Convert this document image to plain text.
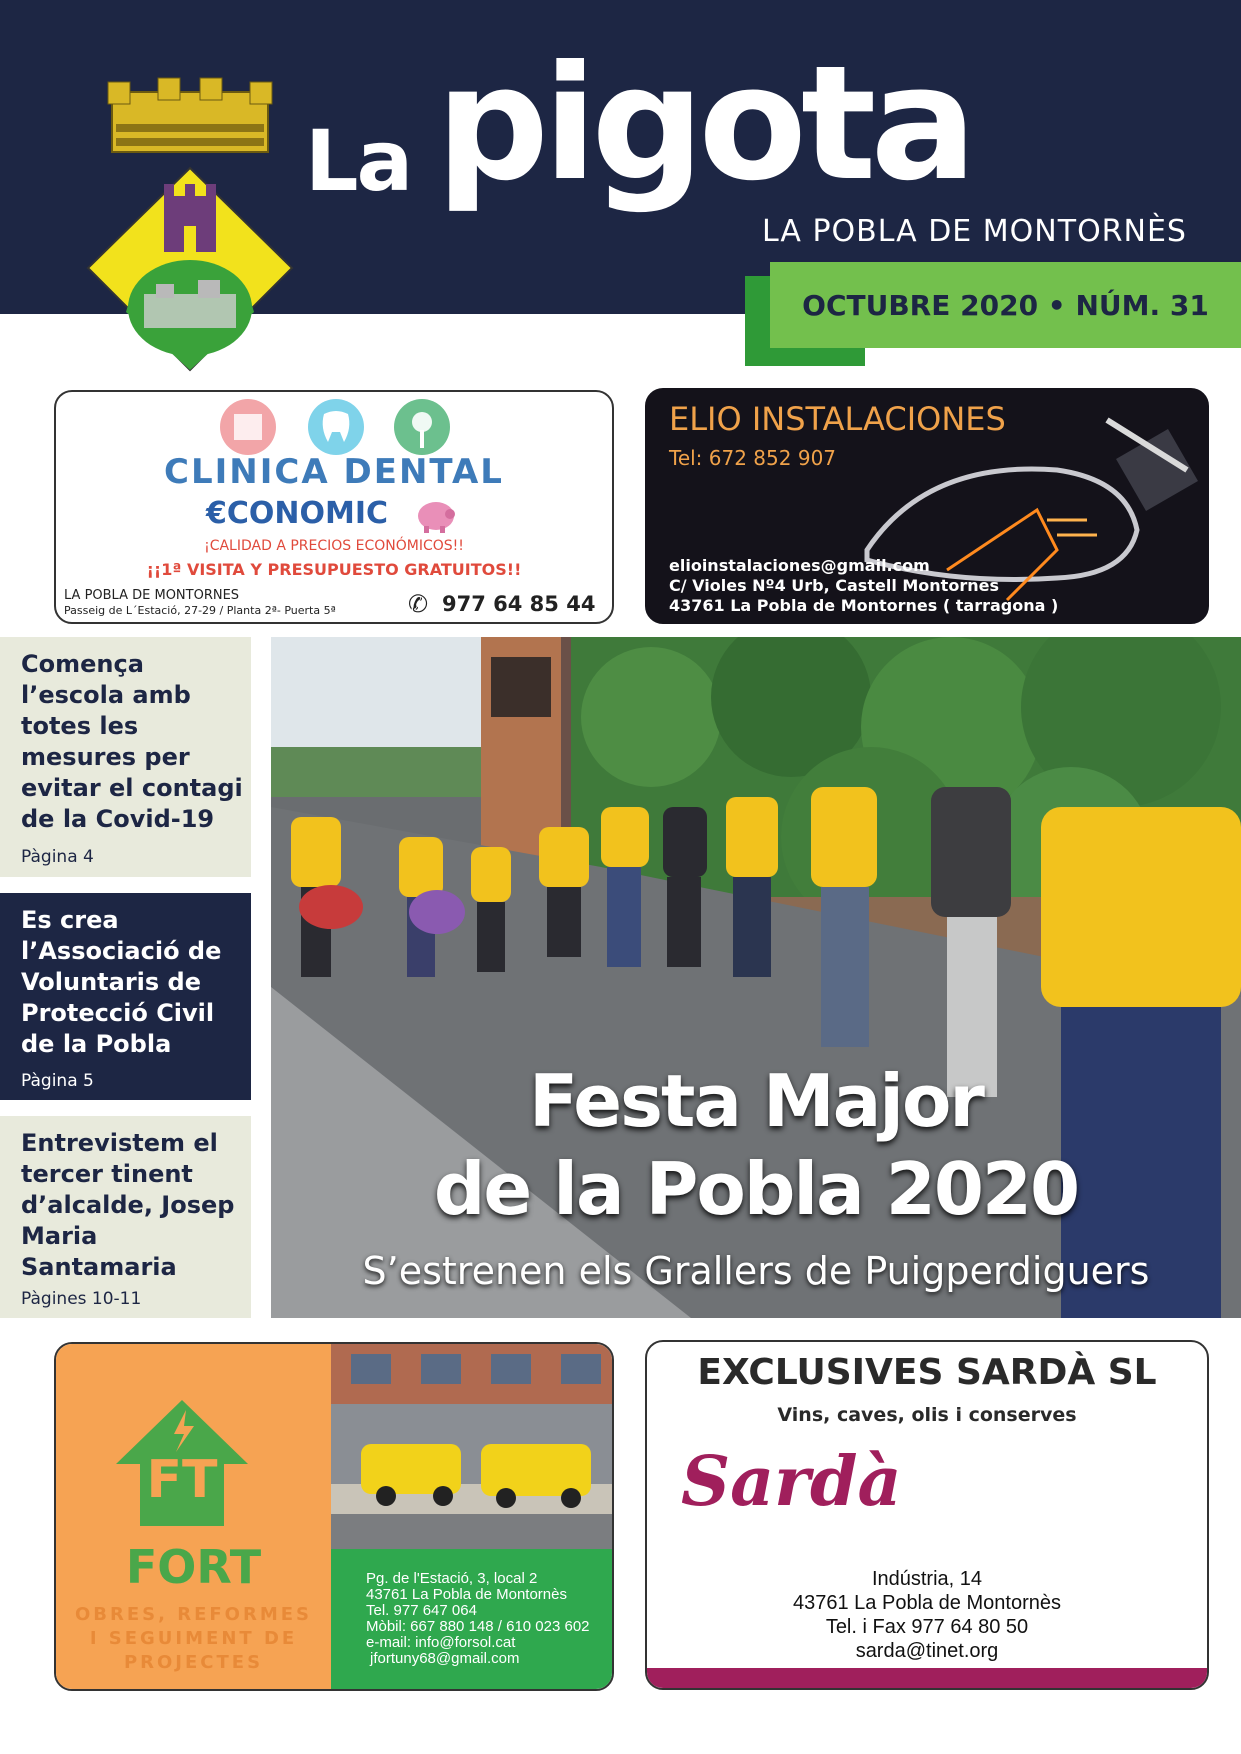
La pigota
LA POBLA DE MONTORNÈS
OCTUBRE 2020 • NÚM. 31
CLINICA DENTAL
€CONOMIC
¡CALIDAD A PRECIOS ECONÓMICOS!!
¡¡1ª VISITA Y PRESUPUESTO GRATUITOS!!
LA POBLA DE MONTORNES
Passeig de L´Estació, 27-29 / Planta 2ª- Puerta 5ª	✆ 977 64 85 44
ELIO INSTALACIONES
Tel: 672 852 907
elioinstalaciones@gmail.com
C/ Violes Nº4 Urb, Castell Montornes
43761 La Pobla de Montornes ( tarragona )
Comença l’escola amb totes les mesures per evitar el contagi de la Covid-19
Pàgina 4
Es crea l’Associació de Voluntaris de Protecció Civil de la Pobla
Pàgina 5
Entrevistem el tercer tinent d’alcalde, Josep Maria Santamaria
Pàgines 10-11
Festa Major
de la Pobla 2020
S’estrenen els Grallers de Puigperdiguers
FT
FORT
OBRES, REFORMES
I SEGUIMENT DE
PROJECTES
Pg. de l'Estació, 3, local 2
43761 La Pobla de Montornès
Tel. 977 647 064
Mòbil: 667 880 148 / 610 023 602
e-mail: info@forsol.cat
jfortuny68@gmail.com
EXCLUSIVES SARDÀ SL
Vins, caves, olis i conserves
Sardà
Indústria, 14
43761 La Pobla de Montornès
Tel. i Fax 977 64 80 50
sarda@tinet.org
